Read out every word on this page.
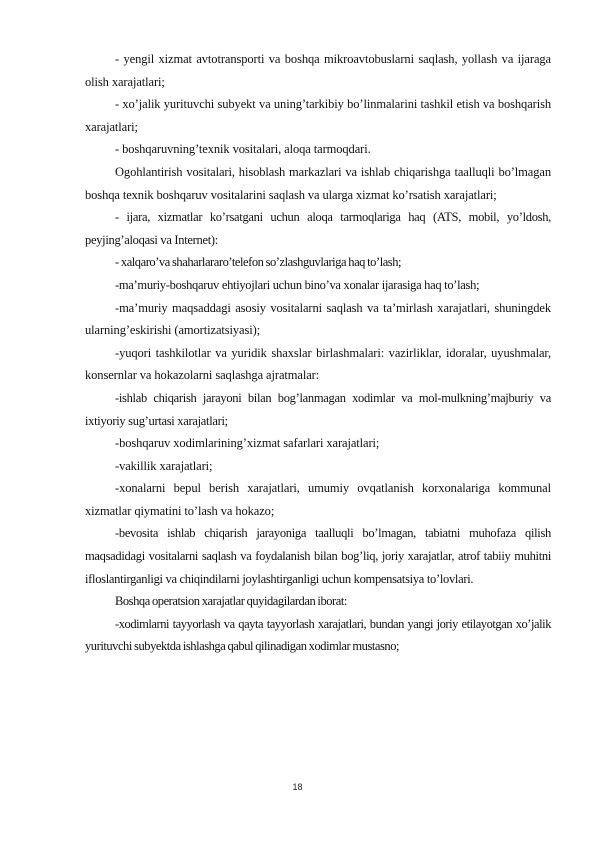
- yengil xizmat avtotransporti va boshqa mikroavtobuslarni saqlash, yollash va ijaraga olish xarajatlari;

- xo’jalik yurituvchi subyekt va uning’tarkibiy bo’linmalarini tashkil etish va boshqarish xarajatlari;

- boshqaruvning’texnik vositalari, aloqa tarmoqdari.

Ogohlantirish vositalari, hisoblash markazlari va ishlab chiqarishga taalluqli bo’lmagan boshqa texnik boshqaruv vositalarini saqlash va ularga xizmat ko’rsatish xarajatlari;

- ijara, xizmatlar ko’rsatgani uchun aloqa tarmoqlariga haq (ATS, mobil, yo’ldosh, peyjing’aloqasi va Internet):

- xalqaro’va shaharlararo’telefon so’zlashguvlariga haq to’lash;

-ma’muriy-boshqaruv ehtiyojlari uchun bino’va xonalar ijarasiga haq to’lash;

-ma’muriy maqsaddagi asosiy vositalarni saqlash va ta’mirlash xarajatlari, shuningdek ularning’eskirishi (amortizatsiyasi);

-yuqori tashkilotlar va yuridik shaxslar birlashmalari: vazirliklar, idoralar, uyushmalar, konsernlar va hokazolarni saqlashga ajratmalar:

-ishlab chiqarish jarayoni bilan bog’lanmagan xodimlar va mol-mulkning’majburiy va ixtiyoriy sug’urtasi xarajatlari;

-boshqaruv xodimlarining’xizmat safarlari xarajatlari;

-vakillik xarajatlari;

-xonalarni bepul berish xarajatlari, umumiy ovqatlanish korxonalariga kommunal xizmatlar qiymatini to’lash va hokazo;

-bevosita ishlab chiqarish jarayoniga taalluqli bo’lmagan, tabiatni muhofaza qilish maqsadidagi vositalarni saqlash va foydalanish bilan bog’liq, joriy xarajatlar, atrof tabiiy muhitni ifloslantirganligi va chiqindilarni joylashtirganligi uchun kompensatsiya to’lovlari.

Boshqa operatsion xarajatlar quyidagilardan iborat:

-xodimlarni tayyorlash va qayta tayyorlash xarajatlari, bundan yangi joriy etilayotgan xo’jalik yurituvchi subyektda ishlashga qabul qilinadigan xodimlar mustasno;

18
